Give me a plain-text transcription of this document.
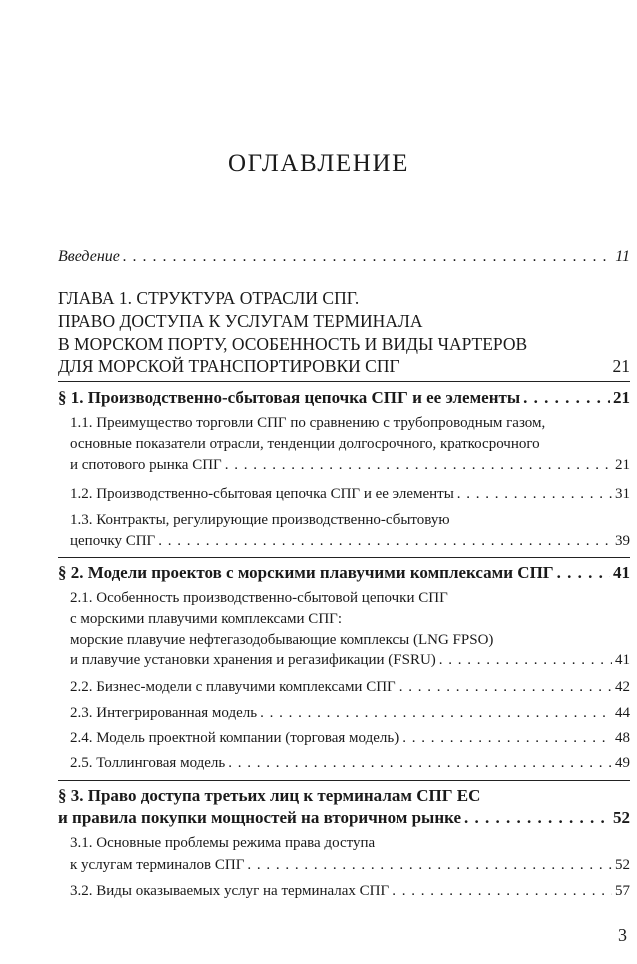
ОГЛАВЛЕНИЕ
Введение . . .	11
ГЛАВА 1. СТРУКТУРА ОТРАСЛИ СПГ.
ПРАВО ДОСТУПА К УСЛУГАМ ТЕРМИНАЛА
В МОРСКОМ ПОРТУ, ОСОБЕННОСТЬ И ВИДЫ ЧАРТЕРОВ
ДЛЯ МОРСКОЙ ТРАНСПОРТИРОВКИ СПГ	21
§ 1. Производственно-сбытовая цепочка СПГ и ее элементы . . .	21
1.1. Преимущество торговли СПГ по сравнению с трубопроводным газом,
основные показатели отрасли, тенденции долгосрочного, краткосрочного
и спотового рынка СПГ . . .	21
1.2. Производственно-сбытовая цепочка СПГ и ее элементы . . .	31
1.3. Контракты, регулирующие производственно-сбытовую
цепочку СПГ . . .	39
§ 2. Модели проектов с морскими плавучими комплексами СПГ . . .	41
2.1. Особенность производственно-сбытовой цепочки СПГ
с морскими плавучими комплексами СПГ:
морские плавучие нефтегазодобывающие комплексы (LNG FPSO)
и плавучие установки хранения и регазификации (FSRU) . . .	41
2.2. Бизнес-модели с плавучими комплексами СПГ . . .	42
2.3. Интегрированная модель . . .	44
2.4. Модель проектной компании (торговая модель) . . .	48
2.5. Толлинговая модель . . .	49
§ 3. Право доступа третьих лиц к терминалам СПГ ЕС
и правила покупки мощностей на вторичном рынке . . .	52
3.1. Основные проблемы режима права доступа
к услугам терминалов СПГ . . .	52
3.2. Виды оказываемых услуг на терминалах СПГ . . .	57
3
